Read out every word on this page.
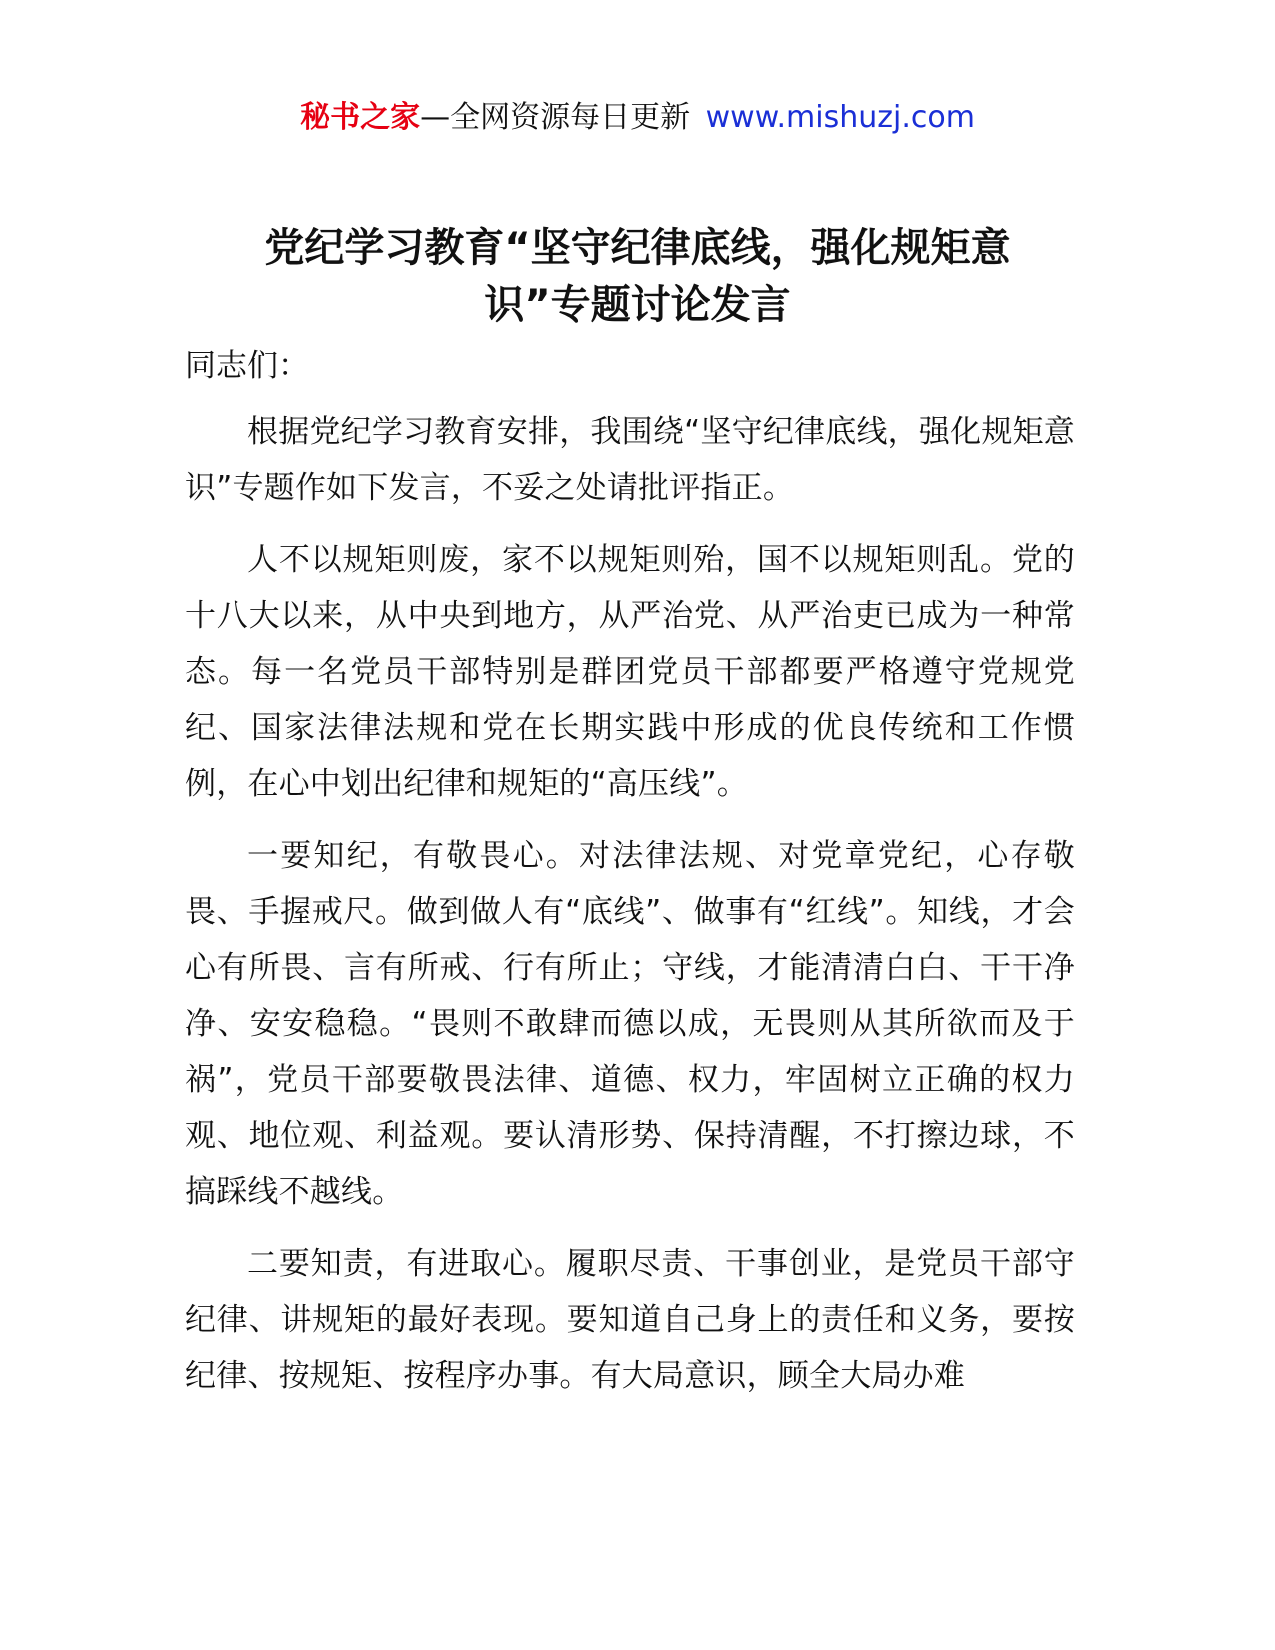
秘书之家—全网资源每日更新 www.mishuzj.com
党纪学习教育“坚守纪律底线，强化规矩意
识”专题讨论发言
同志们：

根据党纪学习教育安排，我围绕“坚守纪律底线，强化规矩意识”专题作如下发言，不妥之处请批评指正。

人不以规矩则废，家不以规矩则殆，国不以规矩则乱。党的十八大以来，从中央到地方，从严治党、从严治吏已成为一种常态。每一名党员干部特别是群团党员干部都要严格遵守党规党纪、国家法律法规和党在长期实践中形成的优良传统和工作惯例，在心中划出纪律和规矩的“高压线”。

一要知纪，有敬畏心。对法律法规、对党章党纪，心存敬畏、手握戒尺。做到做人有“底线”、做事有“红线”。知线，才会心有所畏、言有所戒、行有所止；守线，才能清清白白、干干净净、安安稳稳。“畏则不敢肆而德以成，无畏则从其所欲而及于祸”，党员干部要敬畏法律、道德、权力，牢固树立正确的权力观、地位观、利益观。要认清形势、保持清醒，不打擦边球，不搞踩线不越线。

二要知责，有进取心。履职尽责、干事创业，是党员干部守纪律、讲规矩的最好表现。要知道自己身上的责任和义务，要按纪律、按规矩、按程序办事。有大局意识，顾全大局办难
